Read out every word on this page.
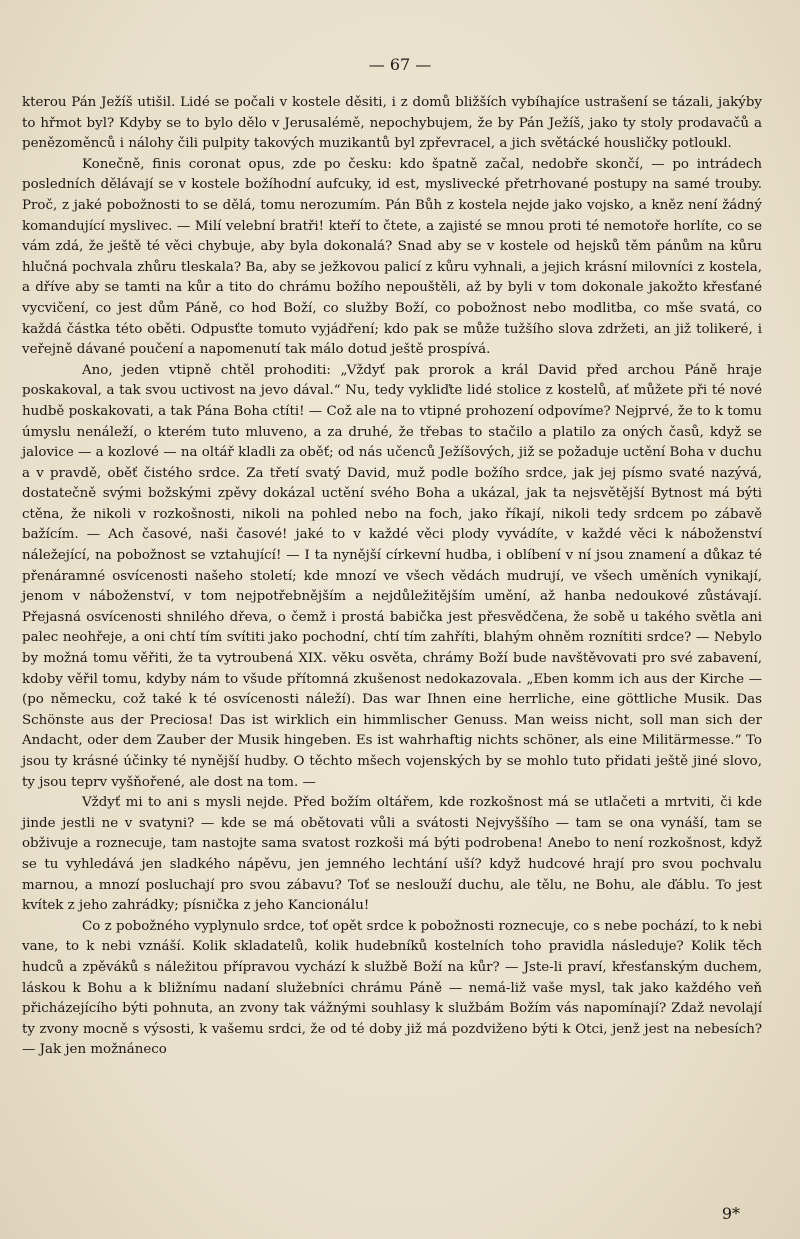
— 67 —

kterou Pán Ježíš utišil. Lidé se počali v kostele děsiti, i z domů bližších vybíhajíce ustrašení se tázali, jakýby to hřmot byl? Kdyby se to bylo dělo v Jerusalémě, nepochybujem, že by Pán Ježíš, jako ty stoly prodavačů a penězoměnců i nálohy čili pulpity takových muzikantů byl zpřevracel, a jich světácké housličky potloukl.

Konečně, finis coronat opus, zde po česku: kdo špatně začal, nedobře skončí, — po intrádech posledních dělávají se v kostele božíhodní aufcuky, id est, myslivecké přetrhované postupy na samé trouby. Proč, z jaké pobožnosti to se dělá, tomu nerozumím. Pán Bůh z kostela nejde jako vojsko, a kněz není žádný komandující myslivec. — Milí velební bratři! kteří to čtete, a zajisté se mnou proti té nemotoře horlíte, co se vám zdá, že ještě té věci chybuje, aby byla dokonalá? Snad aby se v kostele od hejsků těm pánům na kůru hlučná pochvala zhůru tleskala? Ba, aby se ježkovou palicí z kůru vyhnali, a jejich krásní milovníci z kostela, a dříve aby se tamti na kůr a tito do chrámu božího nepouštěli, až by byli v tom dokonale jakožto křesťané vycvičení, co jest dům Páně, co hod Boží, co služby Boží, co pobožnost nebo modlitba, co mše svatá, co každá částka této oběti. Odpusťte tomuto vyjádření; kdo pak se může tužšího slova zdržeti, an již tolikeré, i veřejně dávané poučení a napomenutí tak málo dotud ještě prospívá.

Ano, jeden vtipně chtěl prohoditi: „Vždyť pak prorok a král David před archou Páně hraje poskakoval, a tak svou uctivost na jevo dával.“ Nu, tedy vykliďte lidé stolice z kostelů, ať můžete při té nové hudbě poskakovati, a tak Pána Boha ctíti! — Což ale na to vtipné prohození odpovíme? Nejprvé, že to k tomu úmyslu nenáleží, o kterém tuto mluveno, a za druhé, že třebas to stačilo a platilo za oných časů, když se jalovice — a kozlové — na oltář kladli za oběť; od nás učenců Ježíšových, již se požaduje uctění Boha v duchu a v pravdě, oběť čistého srdce. Za třetí svatý David, muž podle božího srdce, jak jej písmo svaté nazývá, dostatečně svými božskými zpěvy dokázal uctění svého Boha a ukázal, jak ta nejsvětější Bytnost má býti ctěna, že nikoli v rozkošnosti, nikoli na pohled nebo na foch, jako říkají, nikoli tedy srdcem po zábavě bažícím. — Ach časové, naši časové! jaké to v každé věci plody vyvádíte, v každé věci k náboženství náležející, na pobožnost se vztahující! — I ta nynější církevní hudba, i oblíbení v ní jsou znamení a důkaz té přenáramné osvícenosti našeho století; kde mnozí ve všech vědách mudrují, ve všech uměních vynikají, jenom v náboženství, v tom nejpotřebnějším a nejdůležitějším umění, až hanba nedoukové zůstávají. Přejasná osvícenosti shnilého dřeva, o čemž i prostá babička jest přesvědčena, že sobě u takého světla ani palec neohřeje, a oni chtí tím svítiti jako pochodní, chtí tím zahříti, blahým ohněm roznítiti srdce? — Nebylo by možná tomu věřiti, že ta vytroubená XIX. věku osvěta, chrámy Boží bude navštěvovati pro své zabavení, kdoby věřil tomu, kdyby nám to všude přítomná zkušenost nedokazovala. „Eben komm ich aus der Kirche — (po německu, což také k té osvícenosti náleží). Das war Ihnen eine herrliche, eine göttliche Musik. Das Schönste aus der Preciosa! Das ist wirklich ein himmlischer Genuss. Man weiss nicht, soll man sich der Andacht, oder dem Zauber der Musik hingeben. Es ist wahrhaftig nichts schöner, als eine Militärmesse.“ To jsou ty krásné účinky té nynější hudby. O těchto mšech vojenských by se mohlo tuto přidati ještě jiné slovo, ty jsou teprv vyšňořené, ale dost na tom. —

Vždyť mi to ani s mysli nejde. Před božím oltářem, kde rozkošnost má se utlačeti a mrtviti, či kde jinde jestli ne v svatyni? — kde se má obětovati vůli a svátosti Nejvyššího — tam se ona vynáší, tam se obživuje a roznecuje, tam nastojte sama svatost rozkoši má býti podrobena! Anebo to není rozkošnost, když se tu vyhledává jen sladkého nápěvu, jen jemného lechtání uší? když hudcové hrají pro svou pochvalu marnou, a mnozí posluchají pro svou zábavu? Toť se neslouží duchu, ale tělu, ne Bohu, ale ďáblu. To jest kvítek z jeho zahrádky; písnička z jeho Kancionálu!

Co z pobožného vyplynulo srdce, toť opět srdce k pobožnosti roznecuje, co s nebe pochází, to k nebi vane, to k nebi vznáší. Kolik skladatelů, kolik hudebníků kostelních toho pravidla následuje? Kolik těch hudců a zpěváků s náležitou přípravou vychází k službě Boží na kůr? — Jste-li praví, křesťanským duchem, láskou k Bohu a k bližnímu nadaní služebníci chrámu Páně — nemá-liž vaše mysl, tak jako každého veň přicházejícího býti pohnuta, an zvony tak vážnými souhlasy k službám Božím vás napomínají? Zdaž nevolají ty zvony mocně s výsosti, k vašemu srdci, že od té doby již má pozdviženo býti k Otci, jenž jest na nebesích? — Jak jen možnáneco

9*
